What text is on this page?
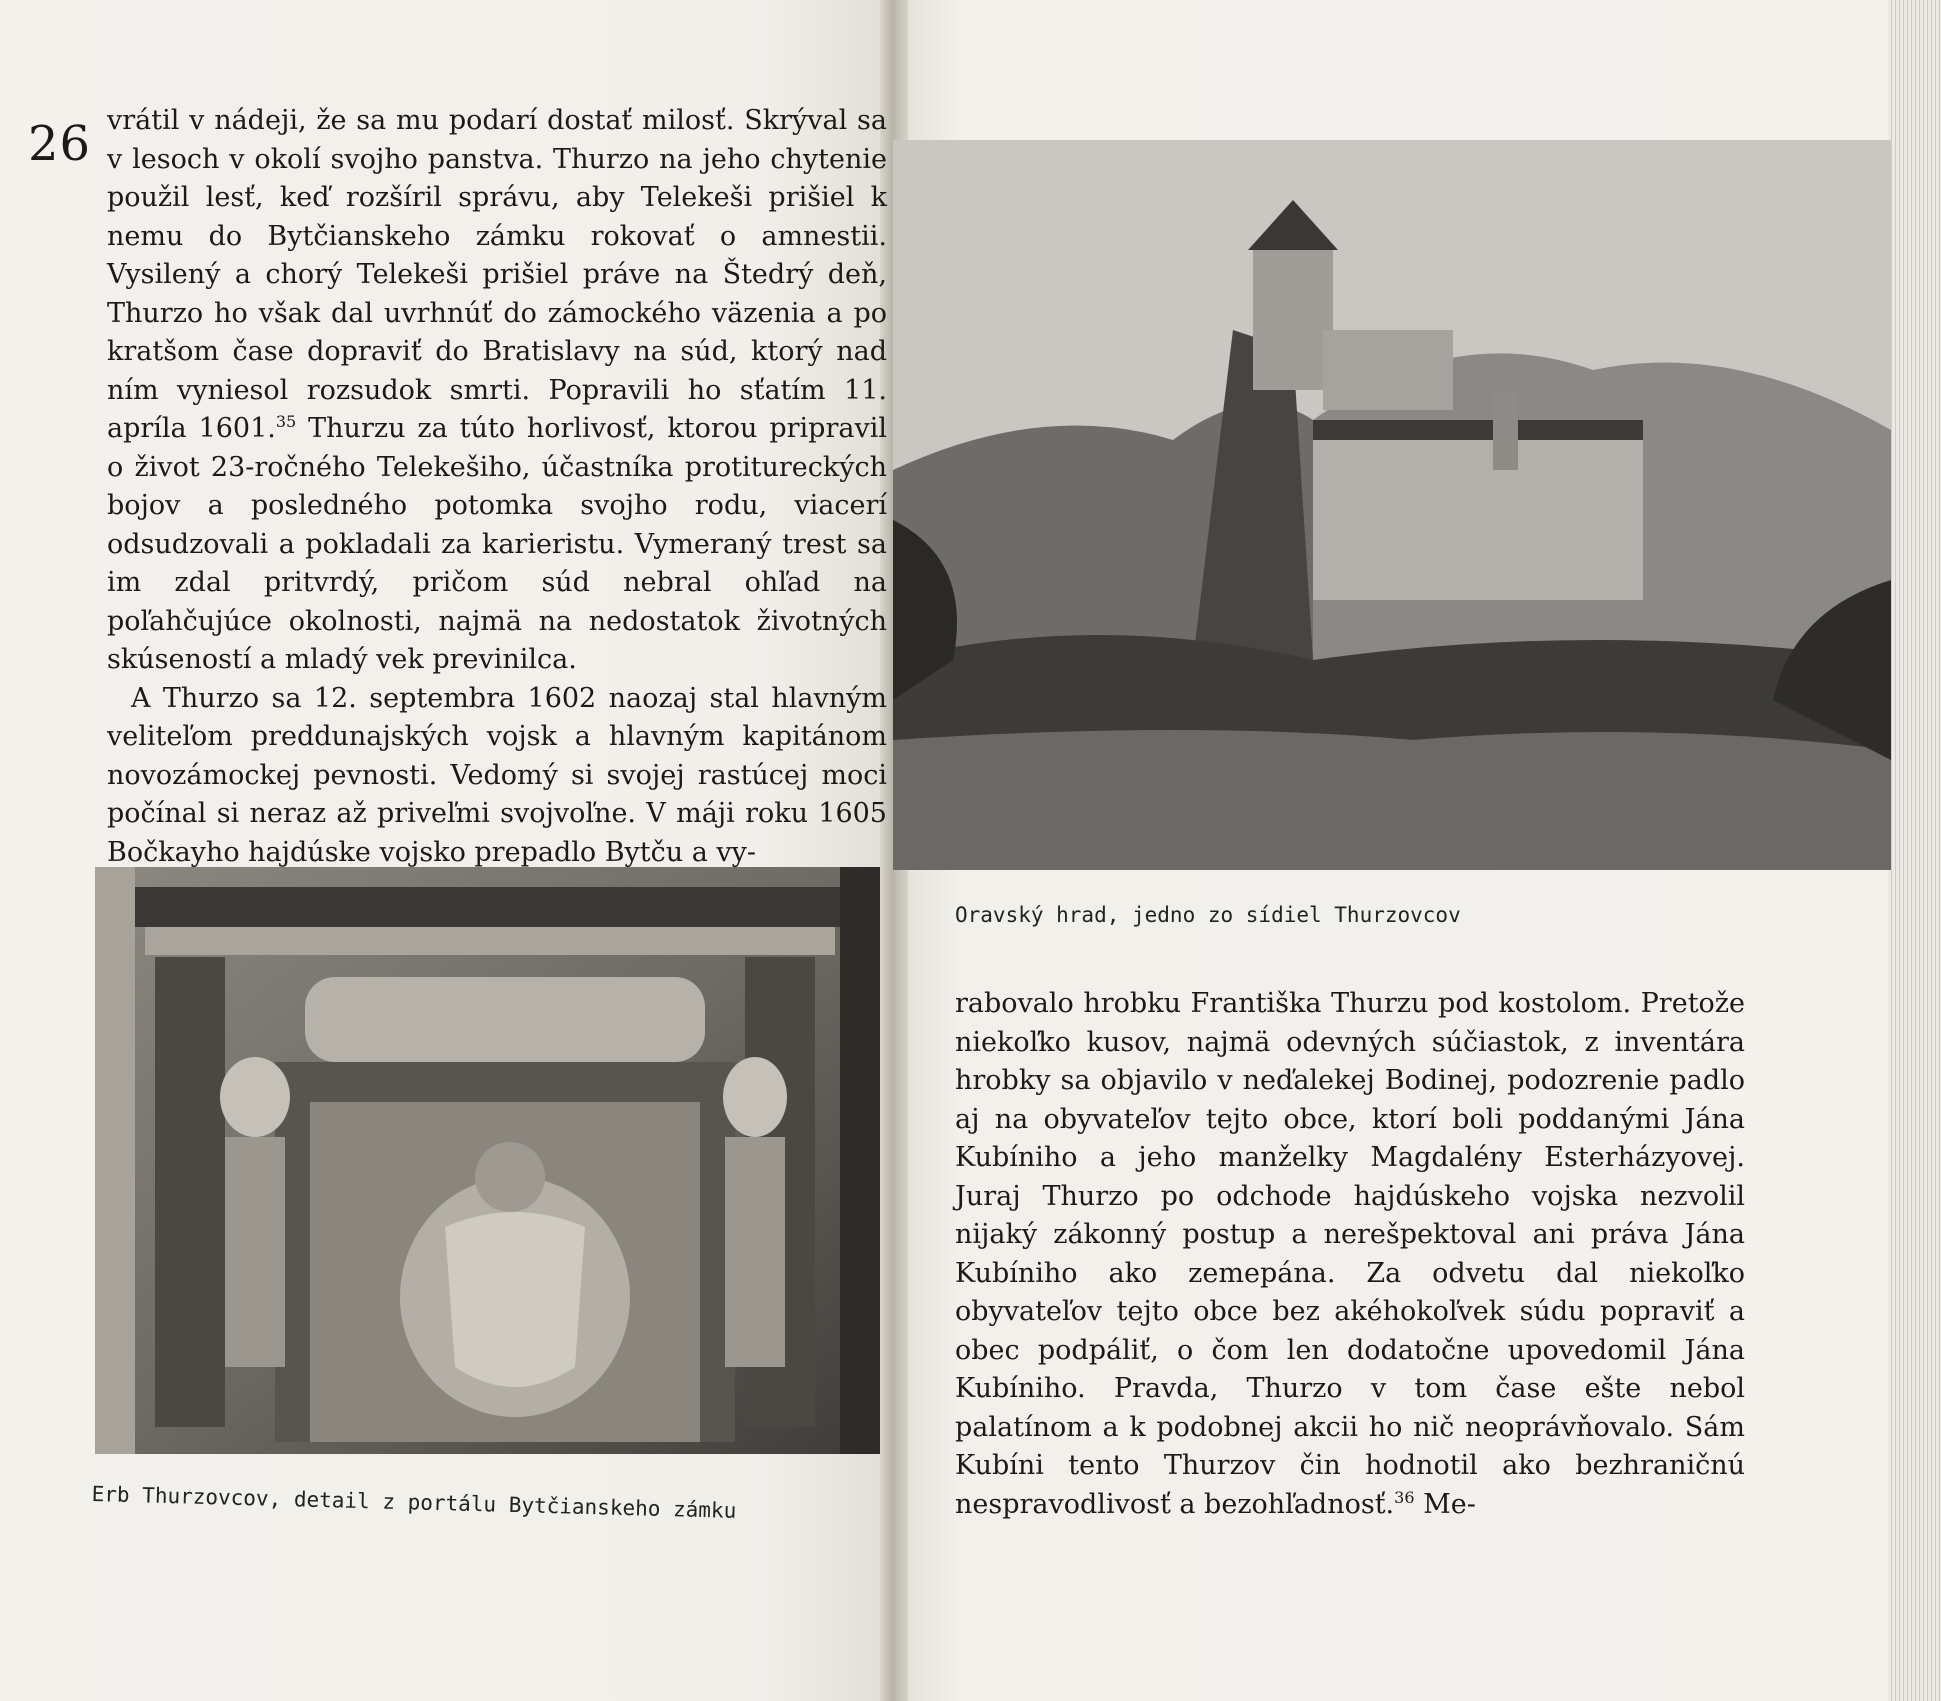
26 vrátil v nádeji, že sa mu podarí dostať milosť. Skrýval sa v lesoch v okolí svojho panstva. Thurzo na jeho chytenie použil lesť, keď rozšíril správu, aby Telekeši prišiel k nemu do Bytčianskeho zámku rokovať o amnestii. Vysilený a chorý Telekeši prišiel práve na Štedrý deň, Thurzo ho však dal uvrhnúť do zámockého väzenia a po kratšom čase dopraviť do Bratislavy na súd, ktorý nad ním vyniesol rozsudok smrti. Popravili ho sťatím 11. apríla 1601.35 Thurzu za túto horlivosť, ktorou pripravil o život 23-ročného Telekešiho, účastníka protitureckých bojov a posledného potomka svojho rodu, viacerí odsudzovali a pokladali za karieristu. Vymeraný trest sa im zdal pritvrdý, pričom súd nebral ohľad na poľahčujúce okolnosti, najmä na nedostatok životných skúseností a mladý vek previnilca.

A Thurzo sa 12. septembra 1602 naozaj stal hlavným veliteľom preddunajských vojsk a hlavným kapitánom novozámockej pevnosti. Vedomý si svojej rastúcej moci počínal si neraz až priveľmi svojvoľne. V máji roku 1605 Bočkayho hajdúske vojsko prepadlo Bytču a vy-

Erb Thurzovcov, detail z portálu Bytčianskeho zámku
Oravský hrad, jedno zo sídiel Thurzovcov

rabovalo hrobku Františka Thurzu pod kostolom. Pretože niekoľko kusov, najmä odevných súčiastok, z inventára hrobky sa objavilo v neďalekej Bodinej, podozrenie padlo aj na obyvateľov tejto obce, ktorí boli poddanými Jána Kubíniho a jeho manželky Magdalény Esterházyovej. Juraj Thurzo po odchode hajdúskeho vojska nezvolil nijaký zákonný postup a nerešpektoval ani práva Jána Kubíniho ako zemepána. Za odvetu dal niekoľko obyvateľov tejto obce bez akéhokoľvek súdu popraviť a obec podpáliť, o čom len dodatočne upovedomil Jána Kubíniho. Pravda, Thurzo v tom čase ešte nebol palatínom a k podobnej akcii ho nič neoprávňovalo. Sám Kubíni tento Thurzov čin hodnotil ako bezhraničnú nespravodlivosť a bezohľadnosť.$^{36}$ Me-
